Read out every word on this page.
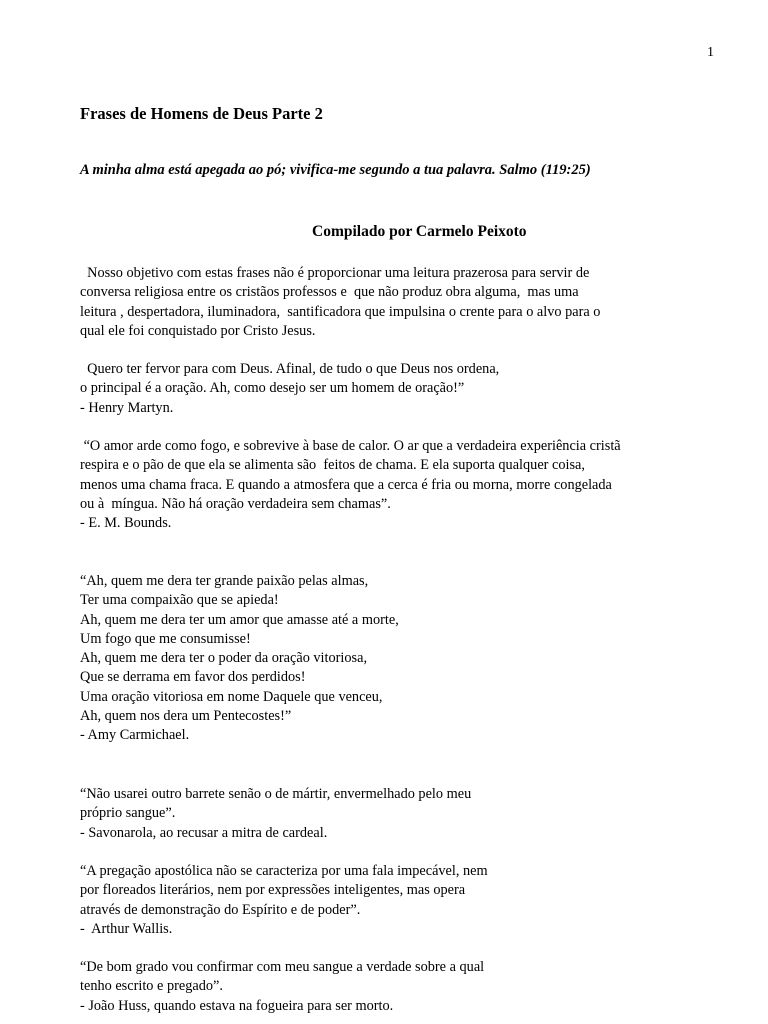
1
Frases de Homens de Deus Parte 2

A minha alma está apegada ao pó; vivifica-me segundo a tua palavra. Salmo (119:25)

Compilado por Carmelo Peixoto

Nosso objetivo com estas frases não é proporcionar uma leitura prazerosa para servir de
conversa religiosa entre os cristãos professos e  que não produz obra alguma,  mas uma
leitura , despertadora, iluminadora,  santificadora que impulsina o crente para o alvo para o
qual ele foi conquistado por Cristo Jesus.

Quero ter fervor para com Deus. Afinal, de tudo o que Deus nos ordena,
o principal é a oração. Ah, como desejo ser um homem de oração!”
- Henry Martyn.

“O amor arde como fogo, e sobrevive à base de calor. O ar que a verdadeira experiência cristã
respira e o pão de que ela se alimenta são  feitos de chama. E ela suporta qualquer coisa,
menos uma chama fraca. E quando a atmosfera que a cerca é fria ou morna, morre congelada
ou à  míngua. Não há oração verdadeira sem chamas”.
- E. M. Bounds.

“Ah, quem me dera ter grande paixão pelas almas,
Ter uma compaixão que se apieda!
Ah, quem me dera ter um amor que amasse até a morte,
Um fogo que me consumisse!
Ah, quem me dera ter o poder da oração vitoriosa,
Que se derrama em favor dos perdidos!
Uma oração vitoriosa em nome Daquele que venceu,
Ah, quem nos dera um Pentecostes!”
- Amy Carmichael.

“Não usarei outro barrete senão o de mártir, envermelhado pelo meu
próprio sangue”.
- Savonarola, ao recusar a mitra de cardeal.

“A pregação apostólica não se caracteriza por uma fala impecável, nem
por floreados literários, nem por expressões inteligentes, mas opera
através de demonstração do Espírito e de poder”.
-  Arthur Wallis.

“De bom grado vou confirmar com meu sangue a verdade sobre a qual
tenho escrito e pregado”.
- João Huss, quando estava na fogueira para ser morto.
